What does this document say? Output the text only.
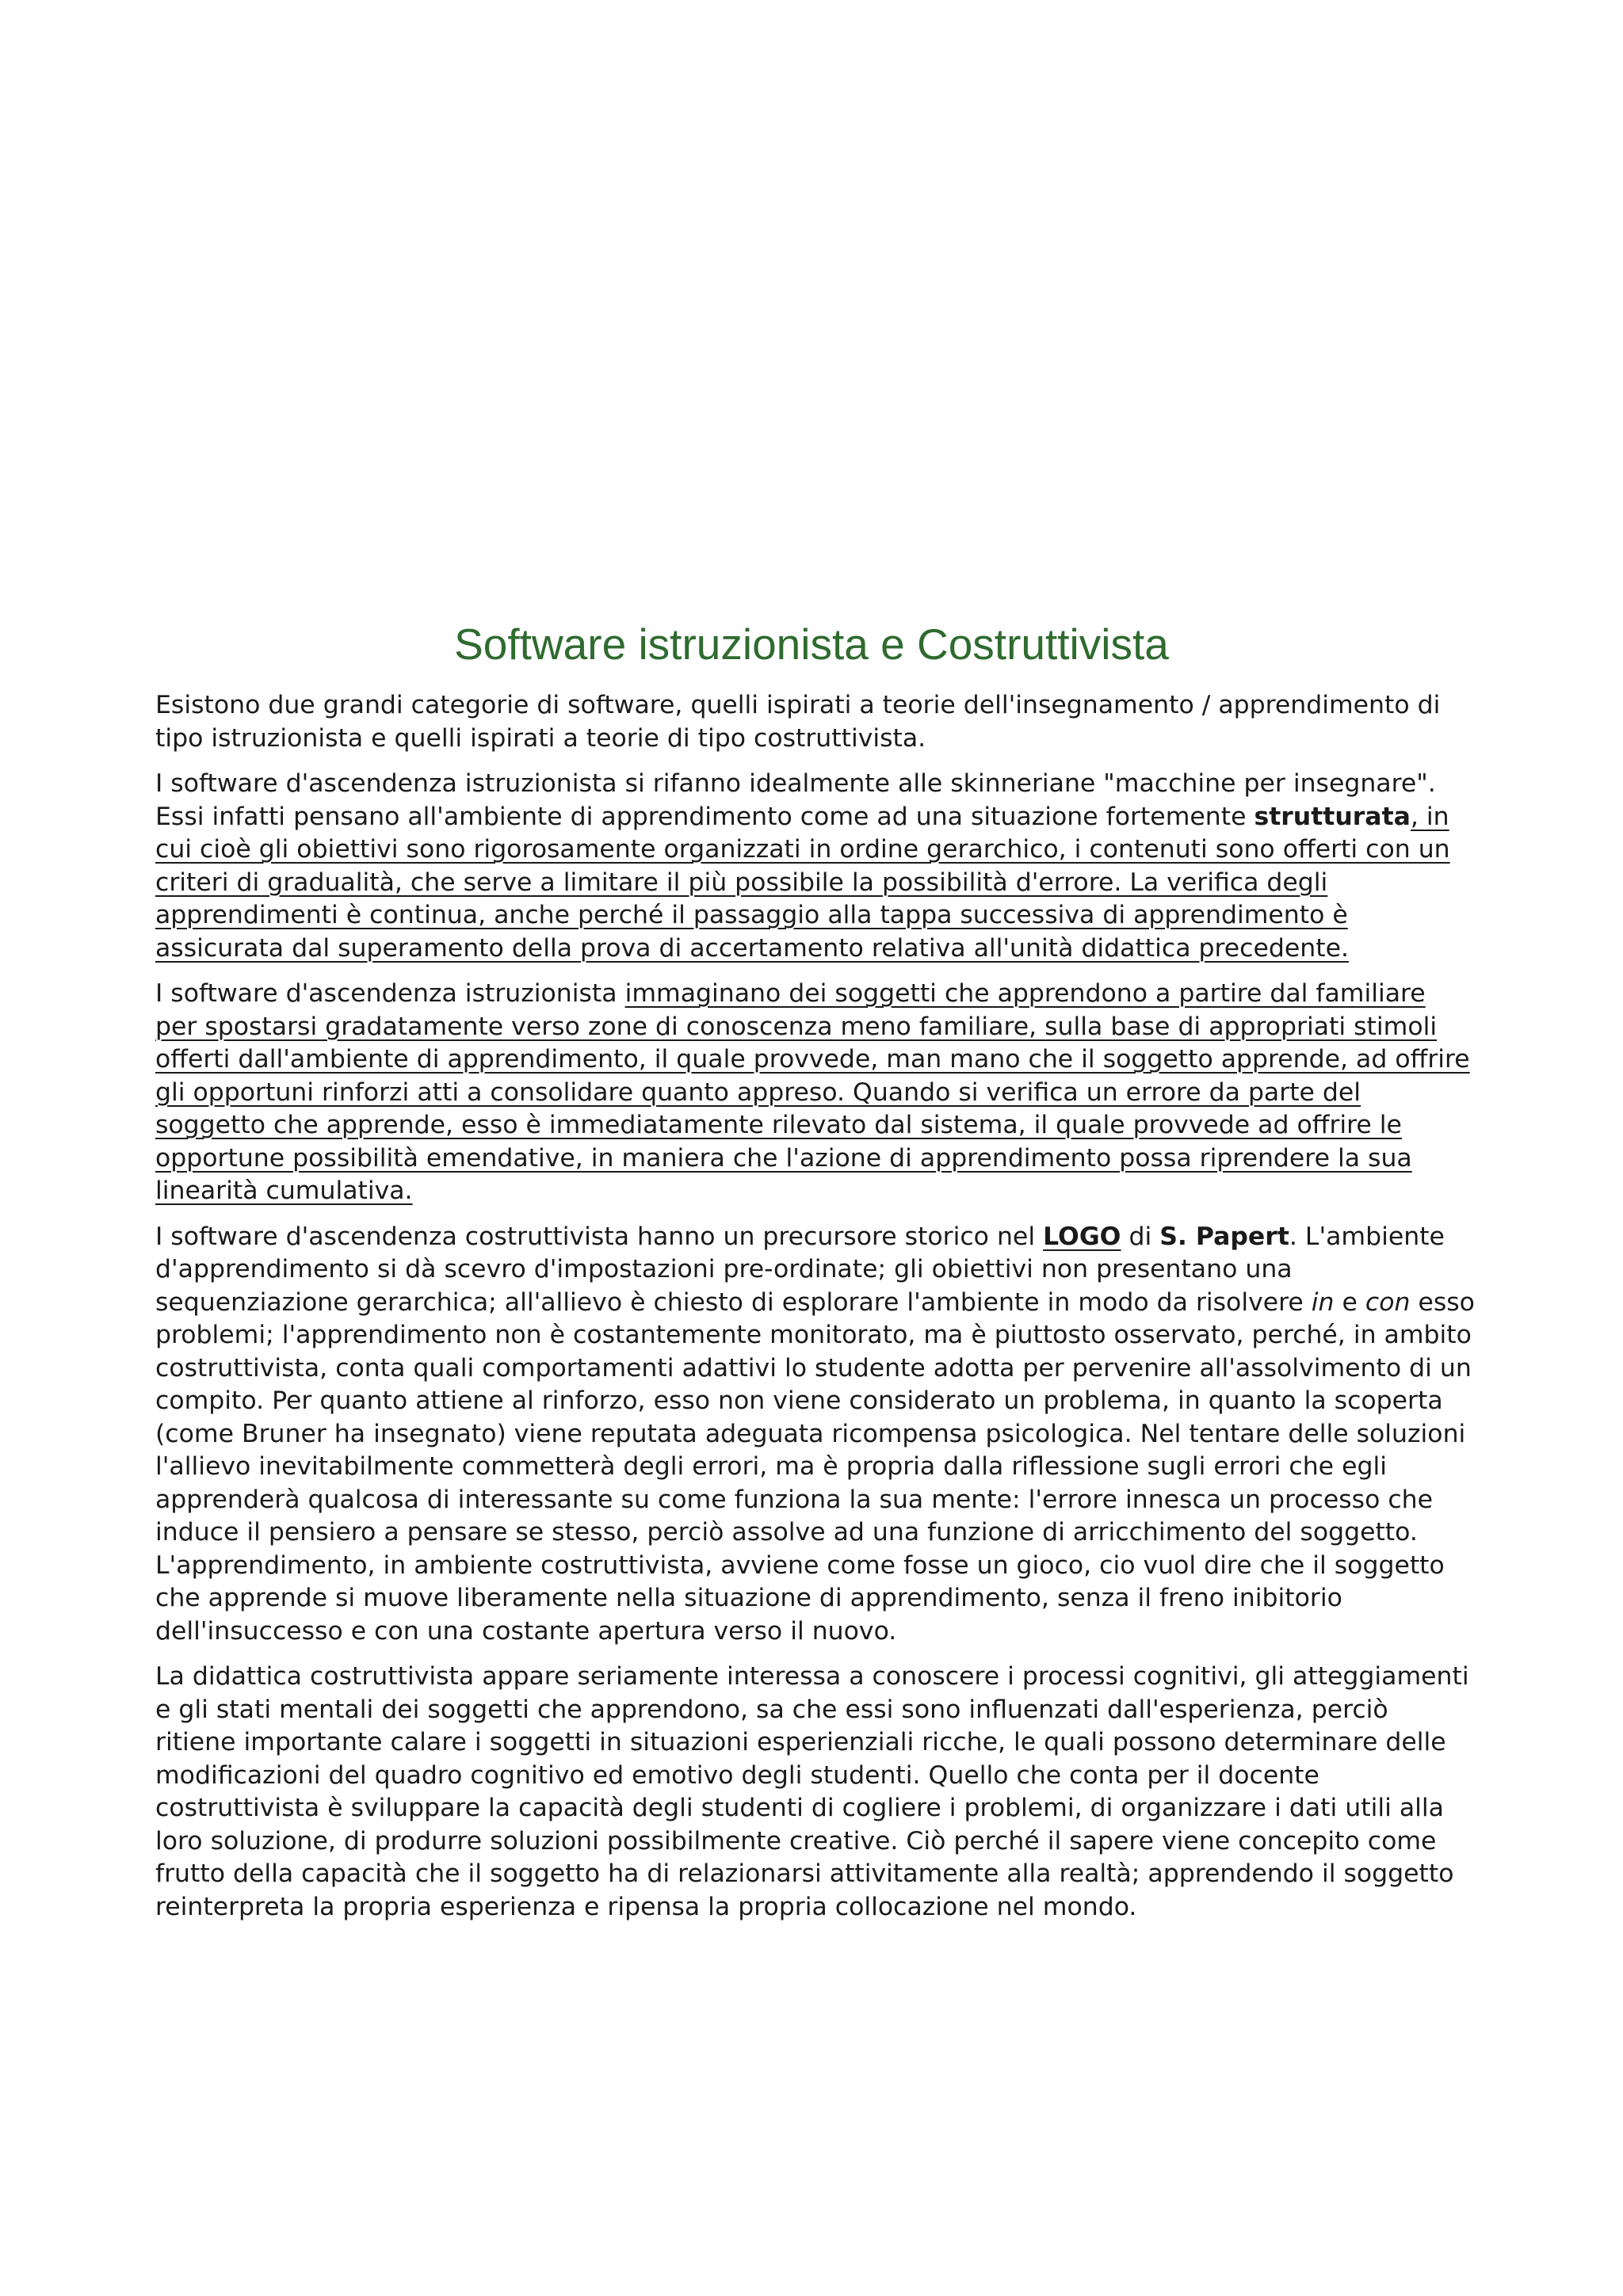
Software istruzionista e Costruttivista

Esistono due grandi categorie di software, quelli ispirati a teorie dell'insegnamento / apprendimento di tipo istruzionista e quelli ispirati a teorie di tipo costruttivista.

I software d'ascendenza istruzionista si rifanno idealmente alle skinneriane "macchine per insegnare". Essi infatti pensano all'ambiente di apprendimento come ad una situazione fortemente strutturata, in cui cioè gli obiettivi sono rigorosamente organizzati in ordine gerarchico, i contenuti sono offerti con un criteri di gradualità, che serve a limitare il più possibile la possibilità d'errore. La verifica degli apprendimenti è continua, anche perché il passaggio alla tappa successiva di apprendimento è assicurata dal superamento della prova di accertamento relativa all'unità didattica precedente.

I software d'ascendenza istruzionista immaginano dei soggetti che apprendono a partire dal familiare per spostarsi gradatamente verso zone di conoscenza meno familiare, sulla base di appropriati stimoli offerti dall'ambiente di apprendimento, il quale provvede, man mano che il soggetto apprende, ad offrire gli opportuni rinforzi atti a consolidare quanto appreso. Quando si verifica un errore da parte del soggetto che apprende, esso è immediatamente rilevato dal sistema, il quale provvede ad offrire le opportune possibilità emendative, in maniera che l'azione di apprendimento possa riprendere la sua linearità cumulativa.

I software d'ascendenza costruttivista hanno un precursore storico nel LOGO di S. Papert. L'ambiente d'apprendimento si dà scevro d'impostazioni pre-ordinate; gli obiettivi non presentano una sequenziazione gerarchica; all'allievo è chiesto di esplorare l'ambiente in modo da risolvere in e con esso problemi; l'apprendimento non è costantemente monitorato, ma è piuttosto osservato, perché, in ambito costruttivista, conta quali comportamenti adattivi lo studente adotta per pervenire all'assolvimento di un compito. Per quanto attiene al rinforzo, esso non viene considerato un problema, in quanto la scoperta (come Bruner ha insegnato) viene reputata adeguata ricompensa psicologica. Nel tentare delle soluzioni l'allievo inevitabilmente commetterà degli errori, ma è propria dalla riflessione sugli errori che egli apprenderà qualcosa di interessante su come funziona la sua mente: l'errore innesca un processo che induce il pensiero a pensare se stesso, perciò assolve ad una funzione di arricchimento del soggetto. L'apprendimento, in ambiente costruttivista, avviene come fosse un gioco, cio vuol dire che il soggetto che apprende si muove liberamente nella situazione di apprendimento, senza il freno inibitorio dell'insuccesso e con una costante apertura verso il nuovo.

La didattica costruttivista appare seriamente interessa a conoscere i processi cognitivi, gli atteggiamenti e gli stati mentali dei soggetti che apprendono, sa che essi sono influenzati dall'esperienza, perciò ritiene importante calare i soggetti in situazioni esperienziali ricche, le quali possono determinare delle modificazioni del quadro cognitivo ed emotivo degli studenti. Quello che conta per il docente costruttivista è sviluppare la capacità degli studenti di cogliere i problemi, di organizzare i dati utili alla loro soluzione, di produrre soluzioni possibilmente creative. Ciò perché il sapere viene concepito come frutto della capacità che il soggetto ha di relazionarsi attivitamente alla realtà; apprendendo il soggetto reinterpreta la propria esperienza e ripensa la propria collocazione nel mondo.
